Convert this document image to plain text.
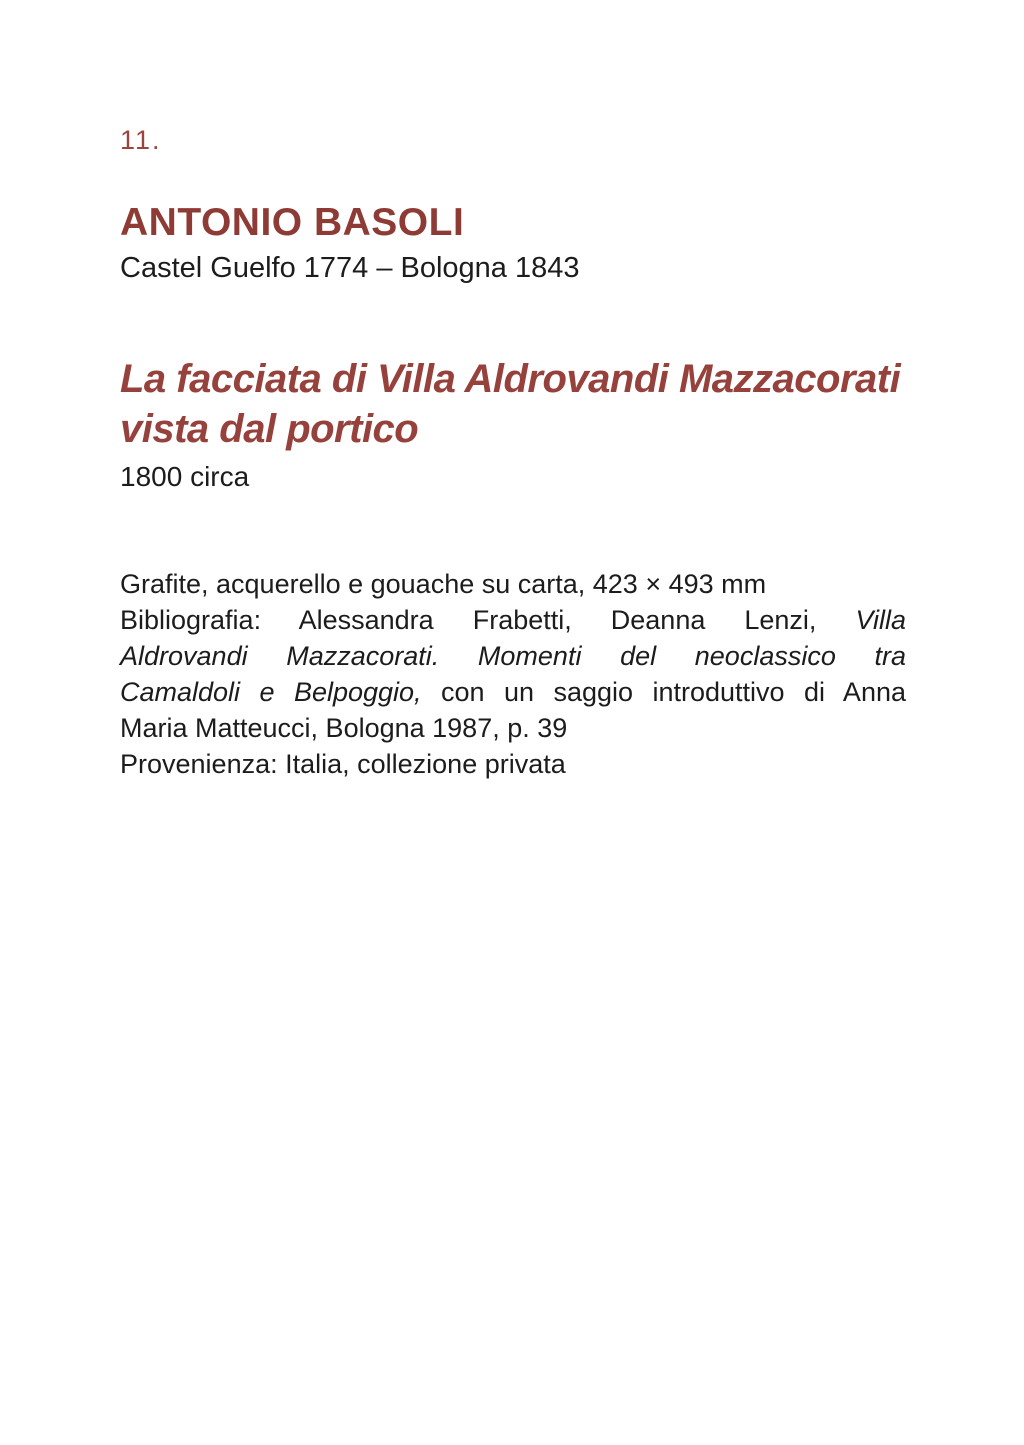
11.
ANTONIO BASOLI
Castel Guelfo 1774 – Bologna 1843
La facciata di Villa Aldrovandi Mazzacorati
vista dal portico
1800 circa
Grafite, acquerello e gouache su carta, 423 × 493 mm
Bibliografia: Alessandra Frabetti, Deanna Lenzi, Villa
Aldrovandi Mazzacorati. Momenti del neoclassico tra
Camaldoli e Belpoggio, con un saggio introduttivo di Anna
Maria Matteucci, Bologna 1987, p. 39
Provenienza: Italia, collezione privata
